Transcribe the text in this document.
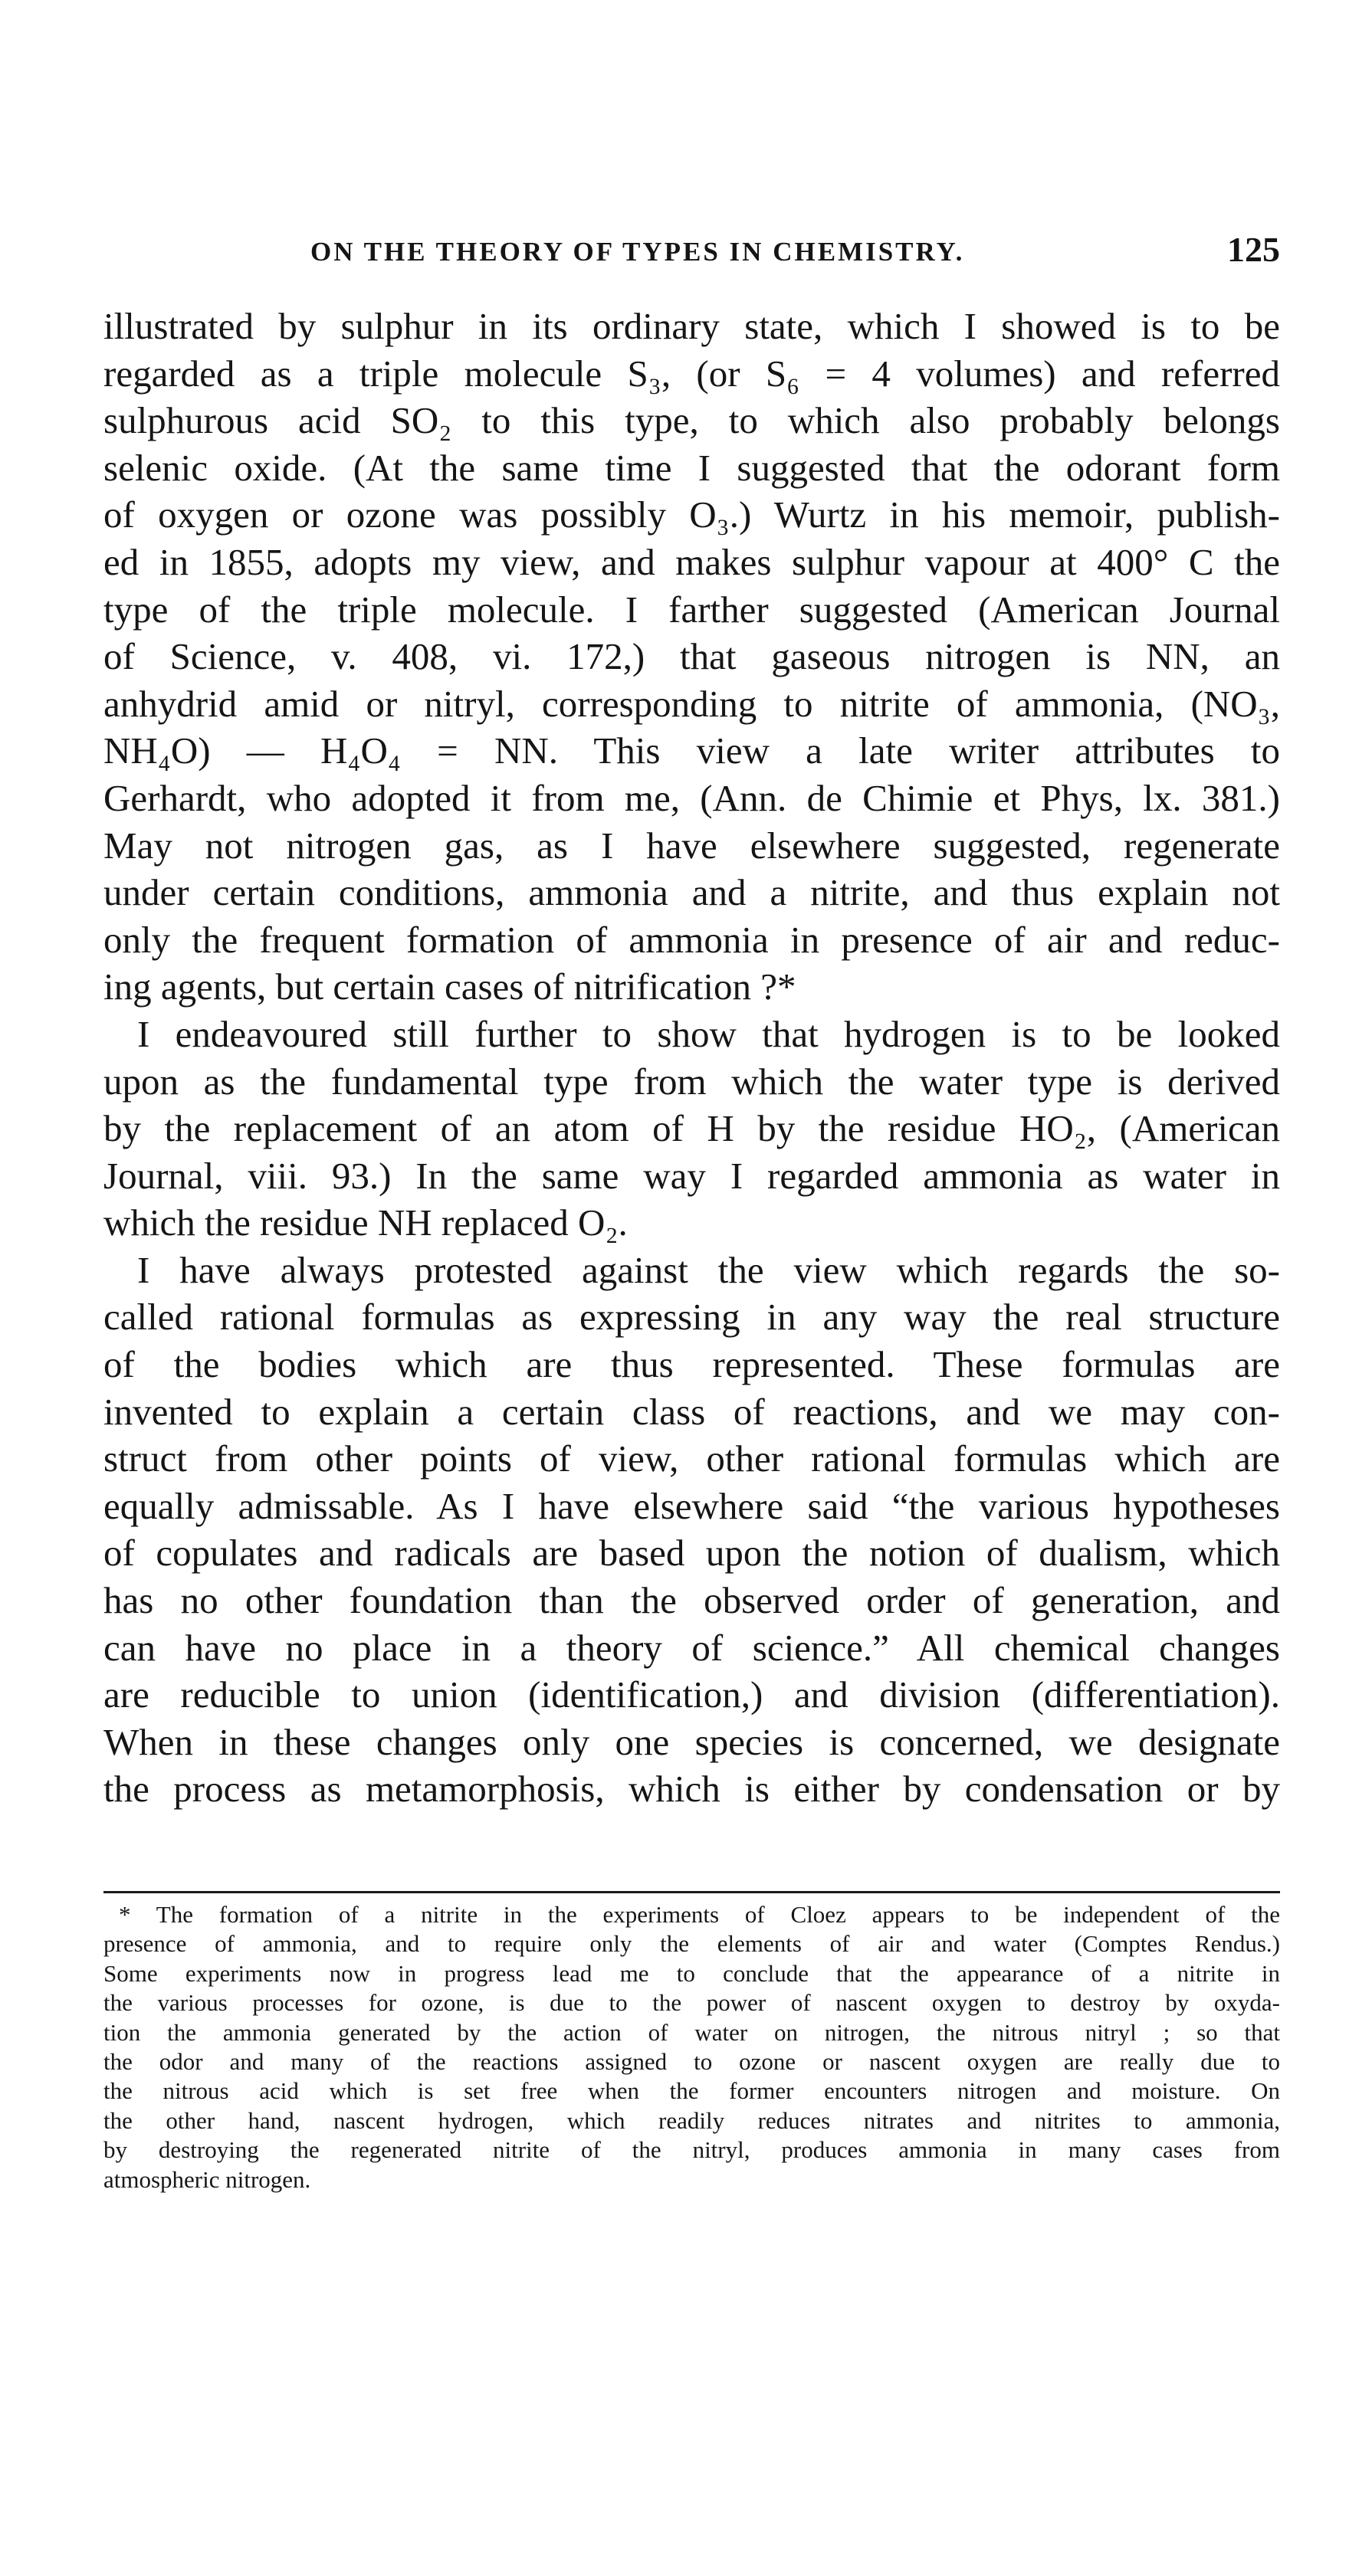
ON THE THEORY OF TYPES IN CHEMISTRY.	125
illustrated by sulphur in its ordinary state, which I showed is to be
regarded as a triple molecule S₃, (or S₆ = 4 volumes) and referred
sulphurous acid SO₂ to this type, to which also probably belongs
selenic oxide. (At the same time I suggested that the odorant form
of oxygen or ozone was possibly O₃.) Wurtz in his memoir, publish-
ed in 1855, adopts my view, and makes sulphur vapour at 400° C the
type of the triple molecule. I farther suggested (American Journal
of Science, v. 408, vi. 172,) that gaseous nitrogen is NN, an
anhydrid amid or nitryl, corresponding to nitrite of ammonia, (NO₃,
NH₄O) — H₄O₄ = NN. This view a late writer attributes to
Gerhardt, who adopted it from me, (Ann. de Chimie et Phys, lx. 381.)
May not nitrogen gas, as I have elsewhere suggested, regenerate
under certain conditions, ammonia and a nitrite, and thus explain not
only the frequent formation of ammonia in presence of air and reduc-
ing agents, but certain cases of nitrification ?*
I endeavoured still further to show that hydrogen is to be looked
upon as the fundamental type from which the water type is derived
by the replacement of an atom of H by the residue HO₂, (American
Journal, viii. 93.) In the same way I regarded ammonia as water in
which the residue NH replaced O₂.
I have always protested against the view which regards the so-
called rational formulas as expressing in any way the real structure
of the bodies which are thus represented. These formulas are
invented to explain a certain class of reactions, and we may con-
struct from other points of view, other rational formulas which are
equally admissable. As I have elsewhere said “the various hypotheses
of copulates and radicals are based upon the notion of dualism, which
has no other foundation than the observed order of generation, and
can have no place in a theory of science.” All chemical changes
are reducible to union (identification,) and division (differentiation).
When in these changes only one species is concerned, we designate
the process as metamorphosis, which is either by condensation or by
* The formation of a nitrite in the experiments of Cloez appears to be independent of the
presence of ammonia, and to require only the elements of air and water (Comptes Rendus.)
Some experiments now in progress lead me to conclude that the appearance of a nitrite in
the various processes for ozone, is due to the power of nascent oxygen to destroy by oxyda-
tion the ammonia generated by the action of water on nitrogen, the nitrous nitryl ; so that
the odor and many of the reactions assigned to ozone or nascent oxygen are really due to
the nitrous acid which is set free when the former encounters nitrogen and moisture. On
the other hand, nascent hydrogen, which readily reduces nitrates and nitrites to ammonia,
by destroying the regenerated nitrite of the nitryl, produces ammonia in many cases from
atmospheric nitrogen.
